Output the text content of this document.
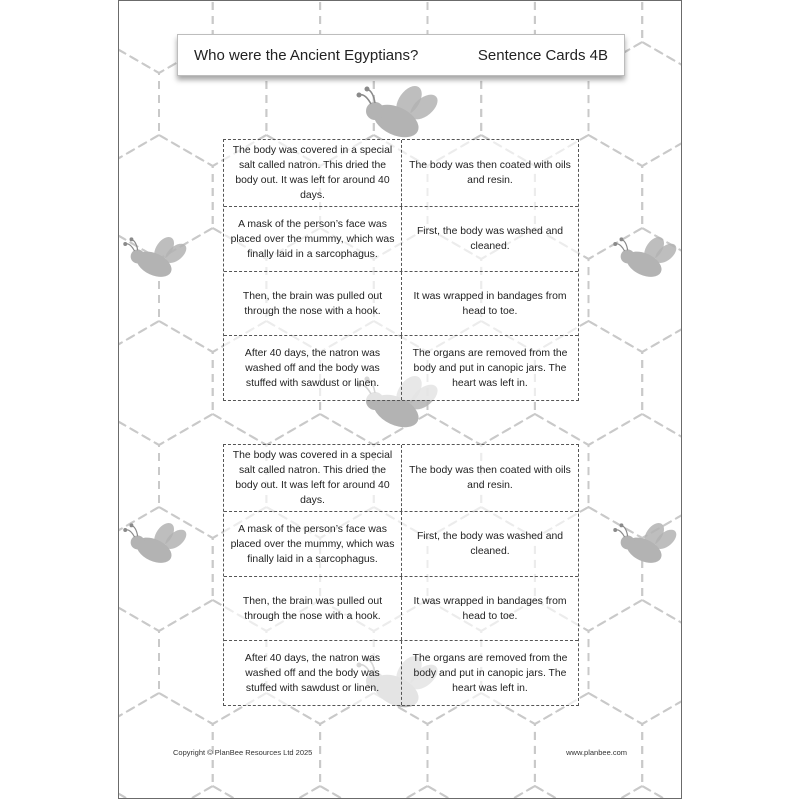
Who were the Ancient Egyptians?	Sentence Cards 4B
The body was covered in a special salt called natron. This dried the body out. It was left for around 40 days.
The body was then coated with oils and resin.
A mask of the person’s face was placed over the mummy, which was finally laid in a sarcophagus.
First, the body was washed and cleaned.
Then, the brain was pulled out through the nose with a hook.
It was wrapped in bandages from head to toe.
After 40 days, the natron was washed off and the body was stuffed with sawdust or linen.
The organs are removed from the body and put in canopic jars. The heart was left in.
The body was covered in a special salt called natron. This dried the body out. It was left for around 40 days.
The body was then coated with oils and resin.
A mask of the person’s face was placed over the mummy, which was finally laid in a sarcophagus.
First, the body was washed and cleaned.
Then, the brain was pulled out through the nose with a hook.
It was wrapped in bandages from head to toe.
After 40 days, the natron was washed off and the body was stuffed with sawdust or linen.
The organs are removed from the body and put in canopic jars. The heart was left in.
Copyright © PlanBee Resources Ltd 2025	www.planbee.com
